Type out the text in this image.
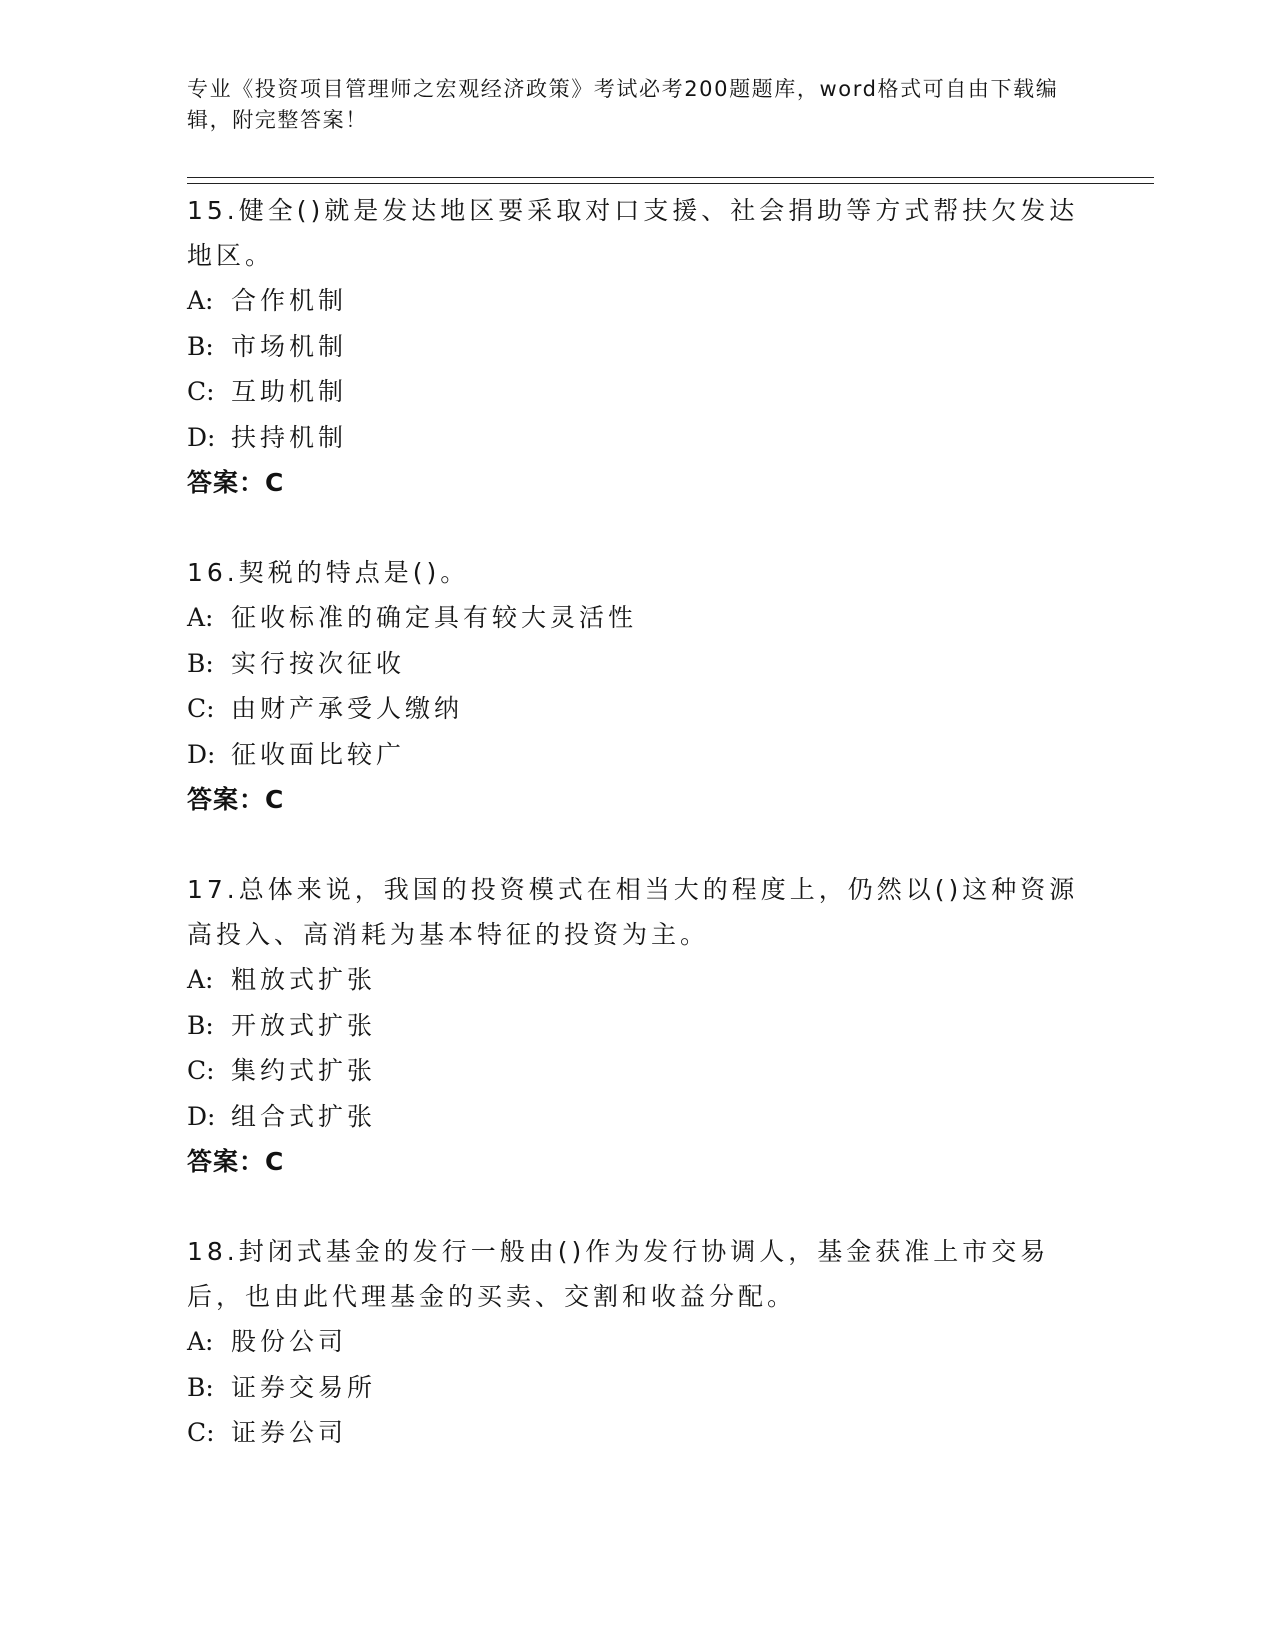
专业《投资项目管理师之宏观经济政策》考试必考200题题库，word格式可自由下载编辑，附完整答案！
15.健全()就是发达地区要采取对口支援、社会捐助等方式帮扶欠发达地区。
A: 合作机制
B: 市场机制
C: 互助机制
D: 扶持机制
答案：C
16.契税的特点是()。
A: 征收标准的确定具有较大灵活性
B: 实行按次征收
C: 由财产承受人缴纳
D: 征收面比较广
答案：C
17.总体来说，我国的投资模式在相当大的程度上，仍然以()这种资源高投入、高消耗为基本特征的投资为主。
A: 粗放式扩张
B: 开放式扩张
C: 集约式扩张
D: 组合式扩张
答案：C
18.封闭式基金的发行一般由()作为发行协调人，基金获准上市交易后，也由此代理基金的买卖、交割和收益分配。
A: 股份公司
B: 证券交易所
C: 证券公司
